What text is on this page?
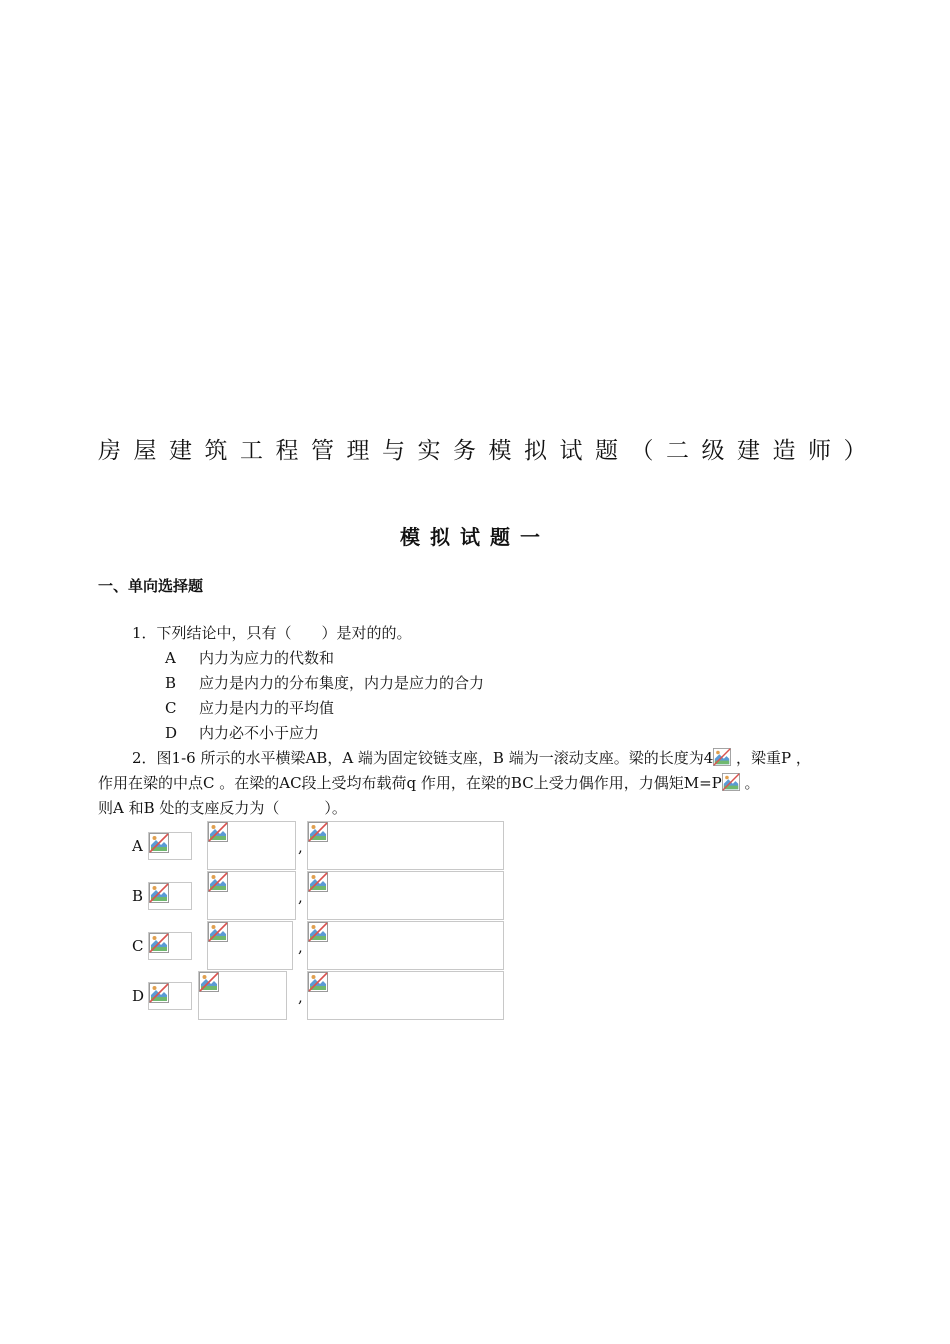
房屋建筑工程管理与实务模拟试题（二级建造师）
模拟试题一
一、单向选择题
1．下列结论中，只有（　　）是对的的。
A 内力为应力的代数和
B 应力是内力的分布集度，内力是应力的合力
C 应力是内力的平均值
D 内力必不小于应力
2．图1-6 所示的水平横梁AB，A 端为固定铰链支座，B 端为一滚动支座。梁的长度为4 ，梁重P ，
作用在梁的中点C 。在梁的AC段上受均布载荷q 作用，在梁的BC上受力偶作用，力偶矩M=P 。
则A 和B 处的支座反力为（　　　）。
A	,
B	,
C	,
D	,
